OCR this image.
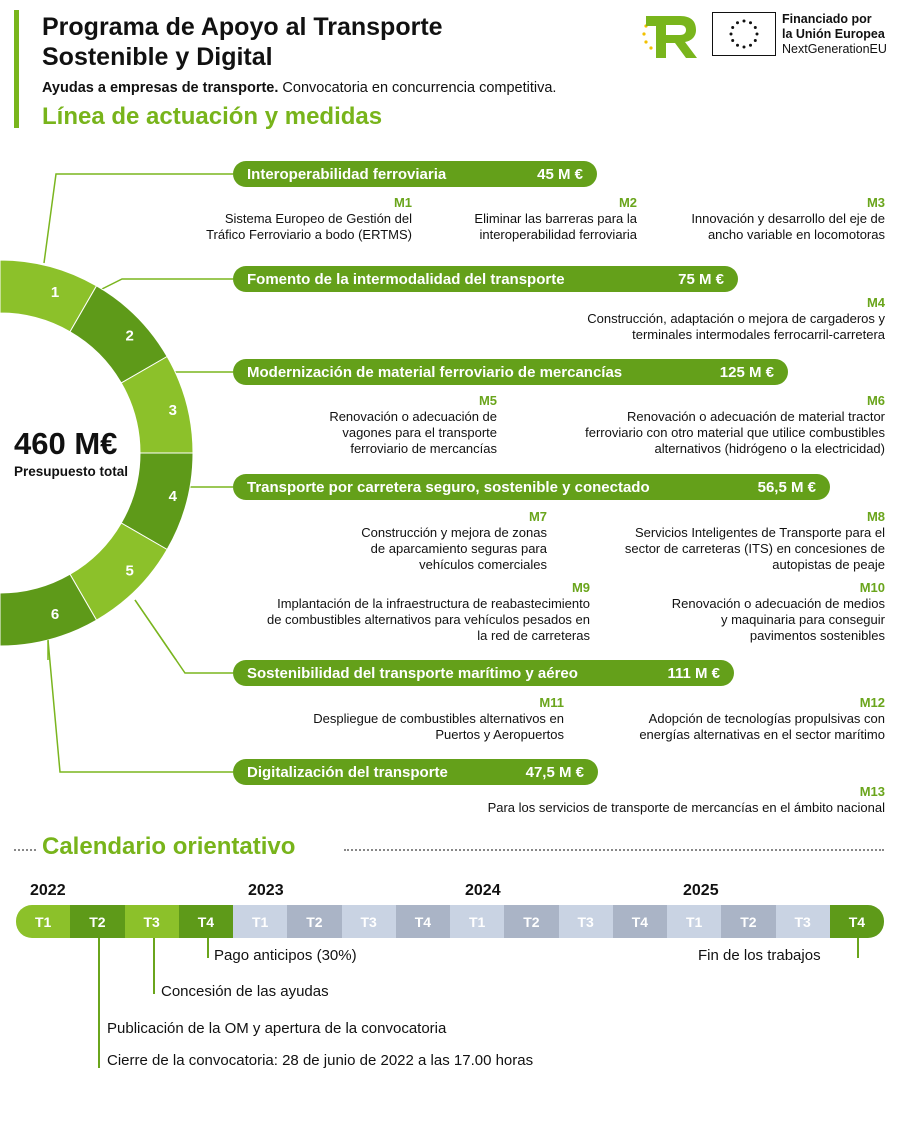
Programa de Apoyo al Transporte
Sostenible y Digital
Ayudas a empresas de transporte. Convocatoria en concurrencia competitiva.
Línea de actuación y medidas
Financiado por
la Unión Europea
NextGenerationEU
1
2
3
4
5
6
460 M€
Presupuesto total
Interoperabilidad ferroviaria	45 M €
Fomento de la intermodalidad del transporte	75 M €
Modernización de material ferroviario de mercancías	125 M €
Transporte por carretera seguro, sostenible y conectado	56,5 M €
Sostenibilidad del transporte marítimo y aéreo	111 M €
Digitalización del transporte	47,5 M €
M1
Sistema Europeo de Gestión del
Tráfico Ferroviario a bodo (ERTMS)
M2
Eliminar las barreras para la
interoperabilidad ferroviaria
M3
Innovación y desarrollo del eje de
ancho variable en locomotoras
M4
Construcción, adaptación o mejora de cargaderos y
terminales intermodales ferrocarril-carretera
M5
Renovación o adecuación de
vagones para el transporte
ferroviario de mercancías
M6
Renovación o adecuación de material tractor
ferroviario con otro material que utilice combustibles
alternativos (hidrógeno o la electricidad)
M7
Construcción y mejora de zonas
de aparcamiento seguras para
vehículos comerciales
M8
Servicios Inteligentes de Transporte para el
sector de carreteras (ITS) en concesiones de
autopistas de peaje
M9
Implantación de la infraestructura de reabastecimiento
de combustibles alternativos para vehículos pesados en
la red de carreteras
M10
Renovación o adecuación de medios
y maquinaria para conseguir
pavimentos sostenibles
M11
Despliegue de combustibles alternativos en
Puertos y Aeropuertos
M12
Adopción de tecnologías propulsivas con
energías alternativas en el sector marítimo
M13
Para los servicios de transporte de mercancías en el ámbito nacional
Calendario orientativo
2022	2023	2024	2025
T1	T2	T3	T4	T1	T2	T3	T4	T1	T2	T3	T4	T1	T2	T3	T4
Pago anticipos (30%)
Concesión de las ayudas
Publicación de la OM y apertura de la convocatoria
Cierre de la convocatoria: 28 de junio de 2022 a las 17.00 horas
Fin de los trabajos
